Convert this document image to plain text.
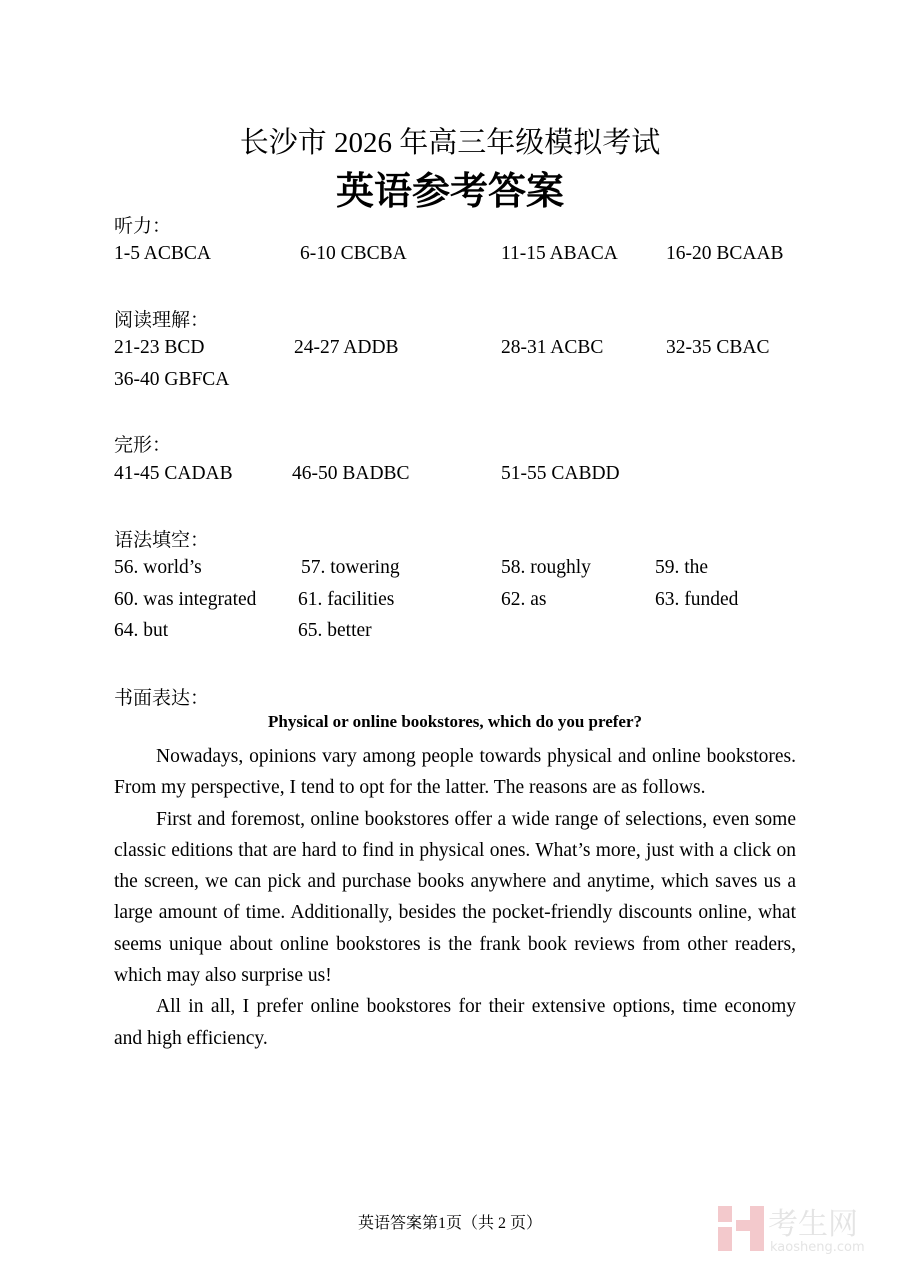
长沙市 2026 年高三年级模拟考试
英语参考答案
听力：
1-5 ACBCA	6-10 CBCBA	11-15 ABACA 16-20 BCAAB
阅读理解：
21-23 BCD	24-27 ADDB	28-31 ACBC	32-35 CBAC
36-40 GBFCA
完形：
41-45 CADAB	46-50 BADBC	51-55 CABDD
语法填空：
56. world’s	57. towering	58. roughly	59. the
60. was integrated 61. facilities	62. as	63. funded
64. but	65. better
书面表达：
Physical or online bookstores, which do you prefer?

Nowadays, opinions vary among people towards physical and online bookstores. From my perspective, I tend to opt for the latter. The reasons are as follows.

First and foremost, online bookstores offer a wide range of selections, even some classic editions that are hard to find in physical ones. What’s more, just with a click on the screen, we can pick and purchase books anywhere and anytime, which saves us a large amount of time. Additionally, besides the pocket-friendly discounts online, what seems unique about online bookstores is the frank book reviews from other readers, which may also surprise us!

All in all, I prefer online bookstores for their extensive options, time economy and high efficiency.

英语答案第1页（共 2 页）	考生网
kaosheng.com
